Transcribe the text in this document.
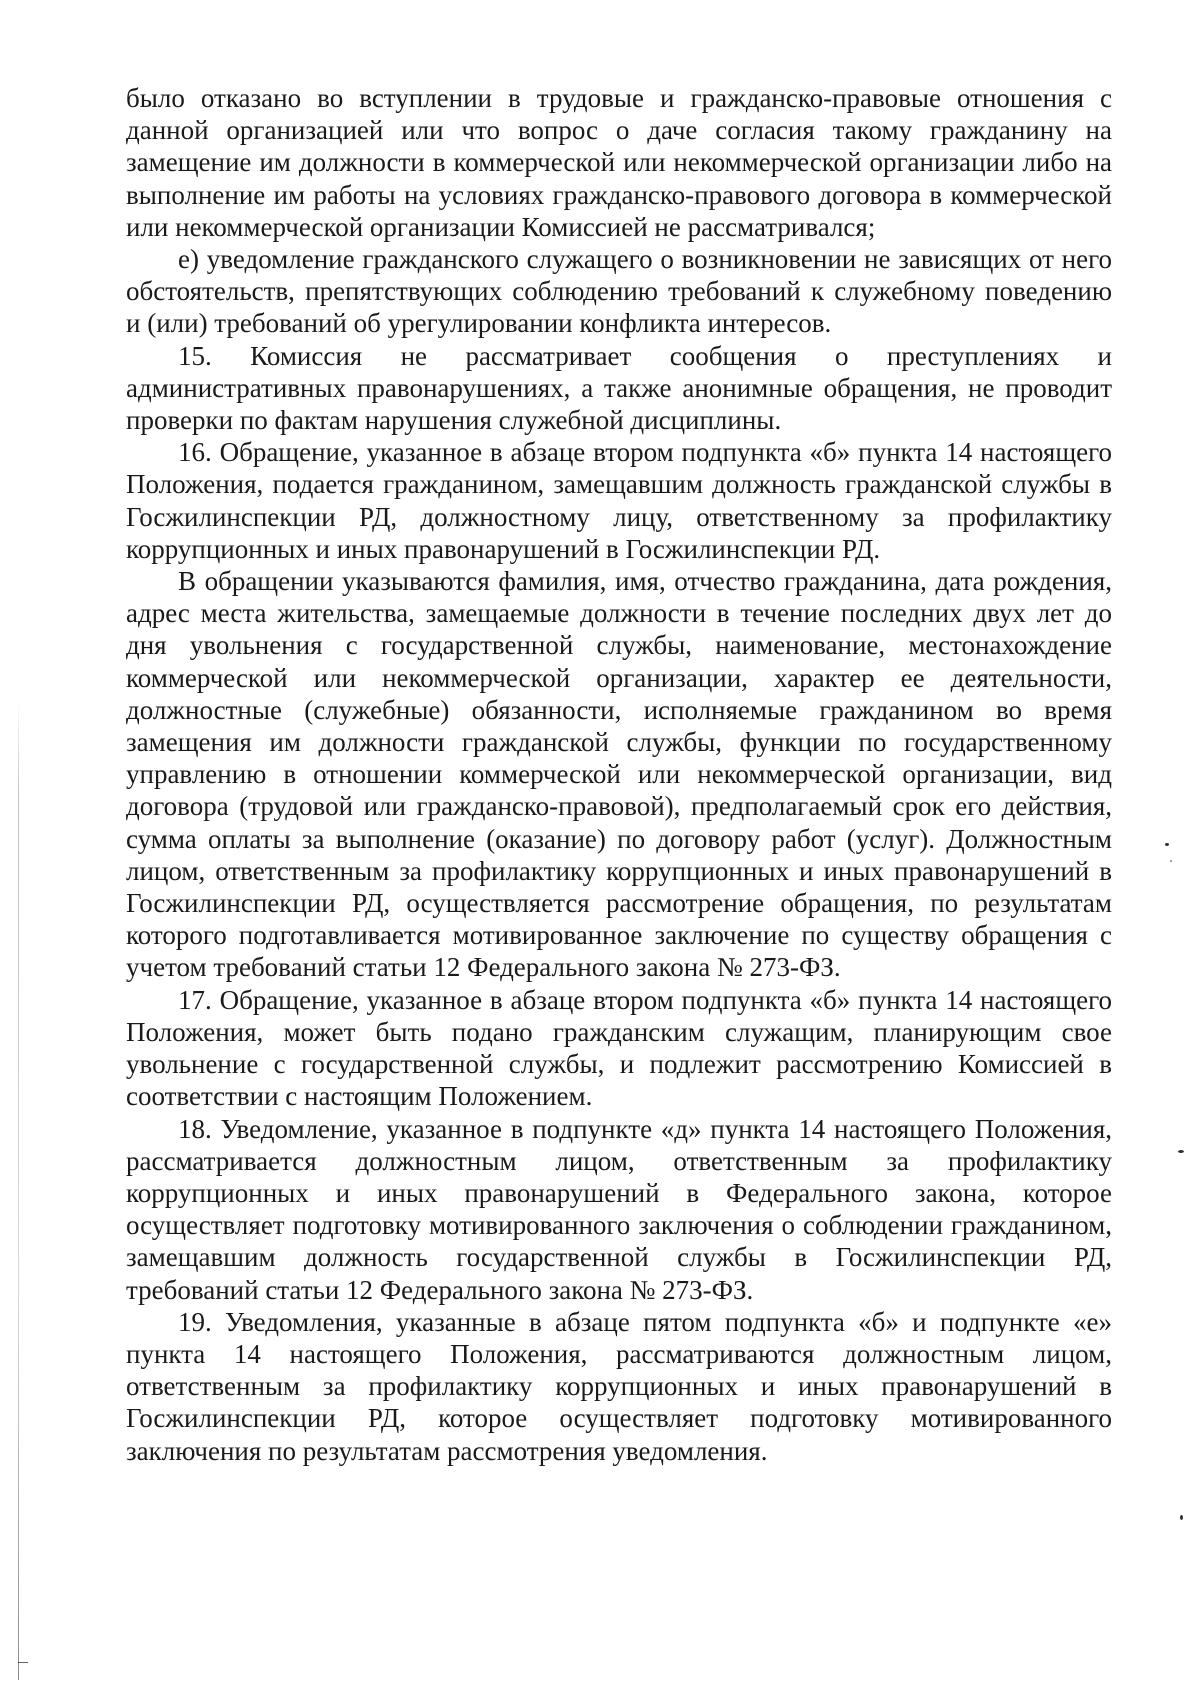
было отказано во вступлении в трудовые и гражданско-правовые отношения с данной организацией или что вопрос о даче согласия такому гражданину на замещение им должности в коммерческой или некоммерческой организации либо на выполнение им работы на условиях гражданско-правового договора в коммерческой или некоммерческой организации Комиссией не рассматривался;

е) уведомление гражданского служащего о возникновении не зависящих от него обстоятельств, препятствующих соблюдению требований к служебному поведению и (или) требований об урегулировании конфликта интересов.

15. Комиссия не рассматривает сообщения о преступлениях и административных правонарушениях, а также анонимные обращения, не проводит проверки по фактам нарушения служебной дисциплины.

16. Обращение, указанное в абзаце втором подпункта «б» пункта 14 настоящего Положения, подается гражданином, замещавшим должность гражданской службы в Госжилинспекции РД, должностному лицу, ответственному за профилактику коррупционных и иных правонарушений в Госжилинспекции РД.

В обращении указываются фамилия, имя, отчество гражданина, дата рождения, адрес места жительства, замещаемые должности в течение последних двух лет до дня увольнения с государственной службы, наименование, местонахождение коммерческой или некоммерческой организации, характер ее деятельности, должностные (служебные) обязанности, исполняемые гражданином во время замещения им должности гражданской службы, функции по государственному управлению в отношении коммерческой или некоммерческой организации, вид договора (трудовой или гражданско-правовой), предполагаемый срок его действия, сумма оплаты за выполнение (оказание) по договору работ (услуг). Должностным лицом, ответственным за профилактику коррупционных и иных правонарушений в Госжилинспекции РД, осуществляется рассмотрение обращения, по результатам которого подготавливается мотивированное заключение по существу обращения с учетом требований статьи 12 Федерального закона № 273-ФЗ.

17. Обращение, указанное в абзаце втором подпункта «б» пункта 14 настоящего Положения, может быть подано гражданским служащим, планирующим свое увольнение с государственной службы, и подлежит рассмотрению Комиссией в соответствии с настоящим Положением.

18. Уведомление, указанное в подпункте «д» пункта 14 настоящего Положения, рассматривается должностным лицом, ответственным за профилактику коррупционных и иных правонарушений в Федерального закона, которое осуществляет подготовку мотивированного заключения о соблюдении гражданином, замещавшим должность государственной службы в Госжилинспекции РД, требований статьи 12 Федерального закона № 273-ФЗ.

19. Уведомления, указанные в абзаце пятом подпункта «б» и подпункте «е» пункта 14 настоящего Положения, рассматриваются должностным лицом, ответственным за профилактику коррупционных и иных правонарушений в Госжилинспекции РД, которое осуществляет подготовку мотивированного заключения по результатам рассмотрения уведомления.
